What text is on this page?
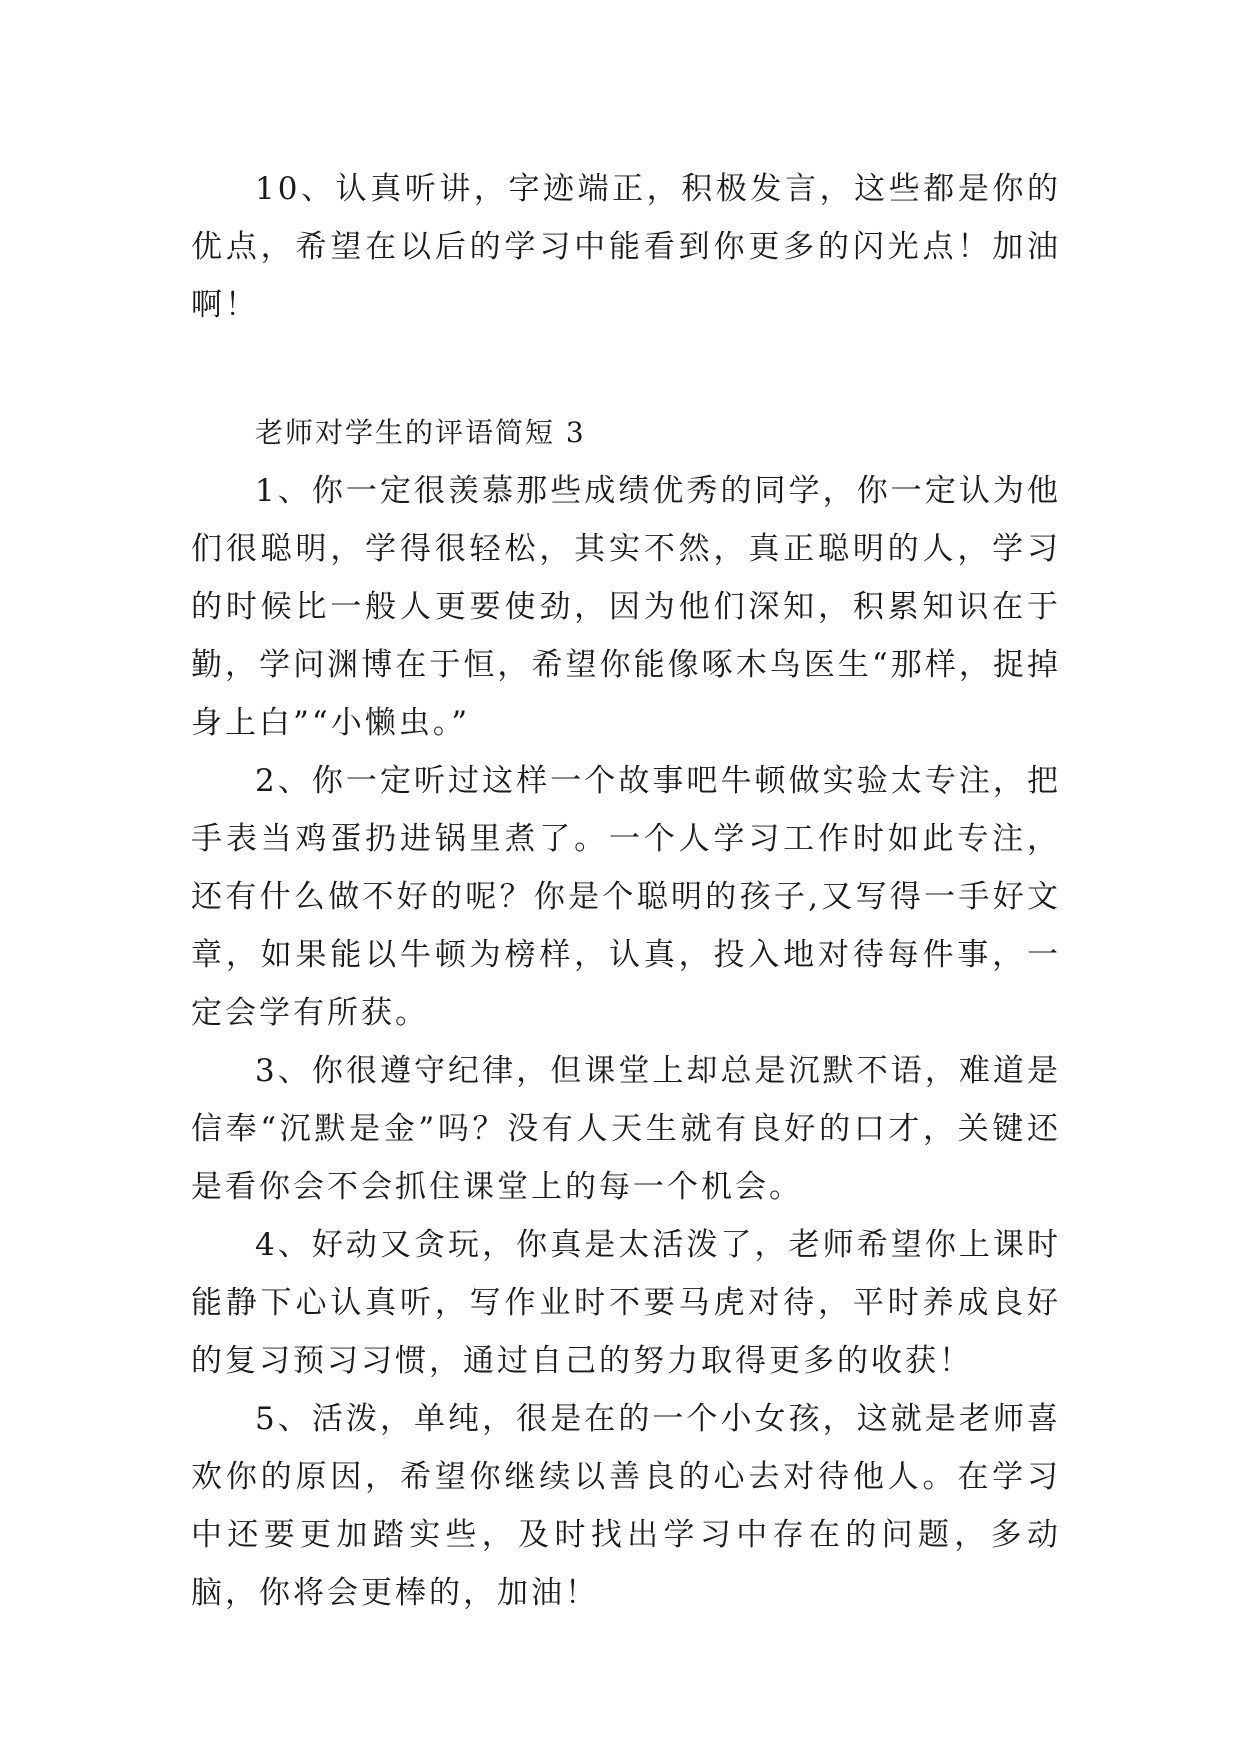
10、认真听讲，字迹端正，积极发言，这些都是你的优点，希望在以后的学习中能看到你更多的闪光点！加油啊！

老师对学生的评语简短 3

1、你一定很羡慕那些成绩优秀的同学，你一定认为他们很聪明，学得很轻松，其实不然，真正聪明的人，学习的时候比一般人更要使劲，因为他们深知，积累知识在于勤，学问渊博在于恒，希望你能像啄木鸟医生“那样，捉掉身上白”“小懒虫。”

2、你一定听过这样一个故事吧牛顿做实验太专注，把手表当鸡蛋扔进锅里煮了。一个人学习工作时如此专注，还有什么做不好的呢？你是个聪明的孩子,又写得一手好文章，如果能以牛顿为榜样，认真，投入地对待每件事，一定会学有所获。

3、你很遵守纪律，但课堂上却总是沉默不语，难道是信奉“沉默是金”吗？没有人天生就有良好的口才，关键还是看你会不会抓住课堂上的每一个机会。

4、好动又贪玩，你真是太活泼了，老师希望你上课时能静下心认真听，写作业时不要马虎对待，平时养成良好的复习预习习惯，通过自己的努力取得更多的收获！

5、活泼，单纯，很是在的一个小女孩，这就是老师喜欢你的原因，希望你继续以善良的心去对待他人。在学习中还要更加踏实些，及时找出学习中存在的问题，多动脑，你将会更棒的，加油！
